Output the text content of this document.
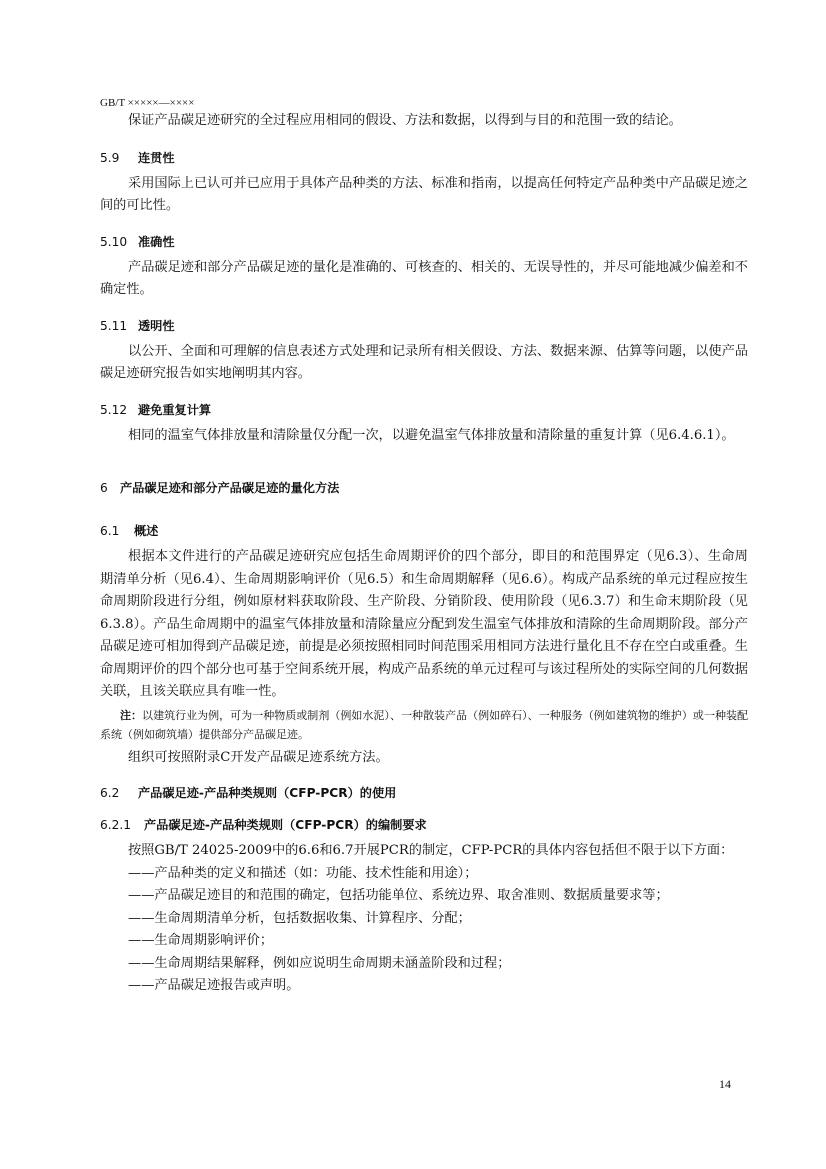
GB/T ×××××—××××

保证产品碳足迹研究的全过程应用相同的假设、方法和数据，以得到与目的和范围一致的结论。

5.9 连贯性

采用国际上已认可并已应用于具体产品种类的方法、标准和指南，以提高任何特定产品种类中产品碳足迹之间的可比性。

5.10 准确性

产品碳足迹和部分产品碳足迹的量化是准确的、可核查的、相关的、无误导性的，并尽可能地减少偏差和不确定性。

5.11 透明性

以公开、全面和可理解的信息表述方式处理和记录所有相关假设、方法、数据来源、估算等问题，以使产品碳足迹研究报告如实地阐明其内容。

5.12 避免重复计算

相同的温室气体排放量和清除量仅分配一次，以避免温室气体排放量和清除量的重复计算（见6.4.6.1）。

6 产品碳足迹和部分产品碳足迹的量化方法
6.1 概述

根据本文件进行的产品碳足迹研究应包括生命周期评价的四个部分，即目的和范围界定（见6.3）、生命周期清单分析（见6.4）、生命周期影响评价（见6.5）和生命周期解释（见6.6）。构成产品系统的单元过程应按生命周期阶段进行分组，例如原材料获取阶段、生产阶段、分销阶段、使用阶段（见6.3.7）和生命末期阶段（见6.3.8）。产品生命周期中的温室气体排放量和清除量应分配到发生温室气体排放和清除的生命周期阶段。部分产品碳足迹可相加得到产品碳足迹，前提是必须按照相同时间范围采用相同方法进行量化且不存在空白或重叠。生命周期评价的四个部分也可基于空间系统开展，构成产品系统的单元过程可与该过程所处的实际空间的几何数据关联，且该关联应具有唯一性。

注：以建筑行业为例，可为一种物质或制剂（例如水泥）、一种散装产品（例如碎石）、一种服务（例如建筑物的维护）或一种装配系统（例如砌筑墙）提供部分产品碳足迹。

组织可按照附录C开发产品碳足迹系统方法。

6.2 产品碳足迹-产品种类规则（CFP-PCR）的使用
6.2.1 产品碳足迹-产品种类规则（CFP-PCR）的编制要求

按照GB/T 24025-2009中的6.6和6.7开展PCR的制定，CFP-PCR的具体内容包括但不限于以下方面：

——产品种类的定义和描述（如：功能、技术性能和用途）；
——产品碳足迹目的和范围的确定，包括功能单位、系统边界、取舍准则、数据质量要求等；
——生命周期清单分析，包括数据收集、计算程序、分配；
——生命周期影响评价；
——生命周期结果解释，例如应说明生命周期未涵盖阶段和过程；
——产品碳足迹报告或声明。
14
